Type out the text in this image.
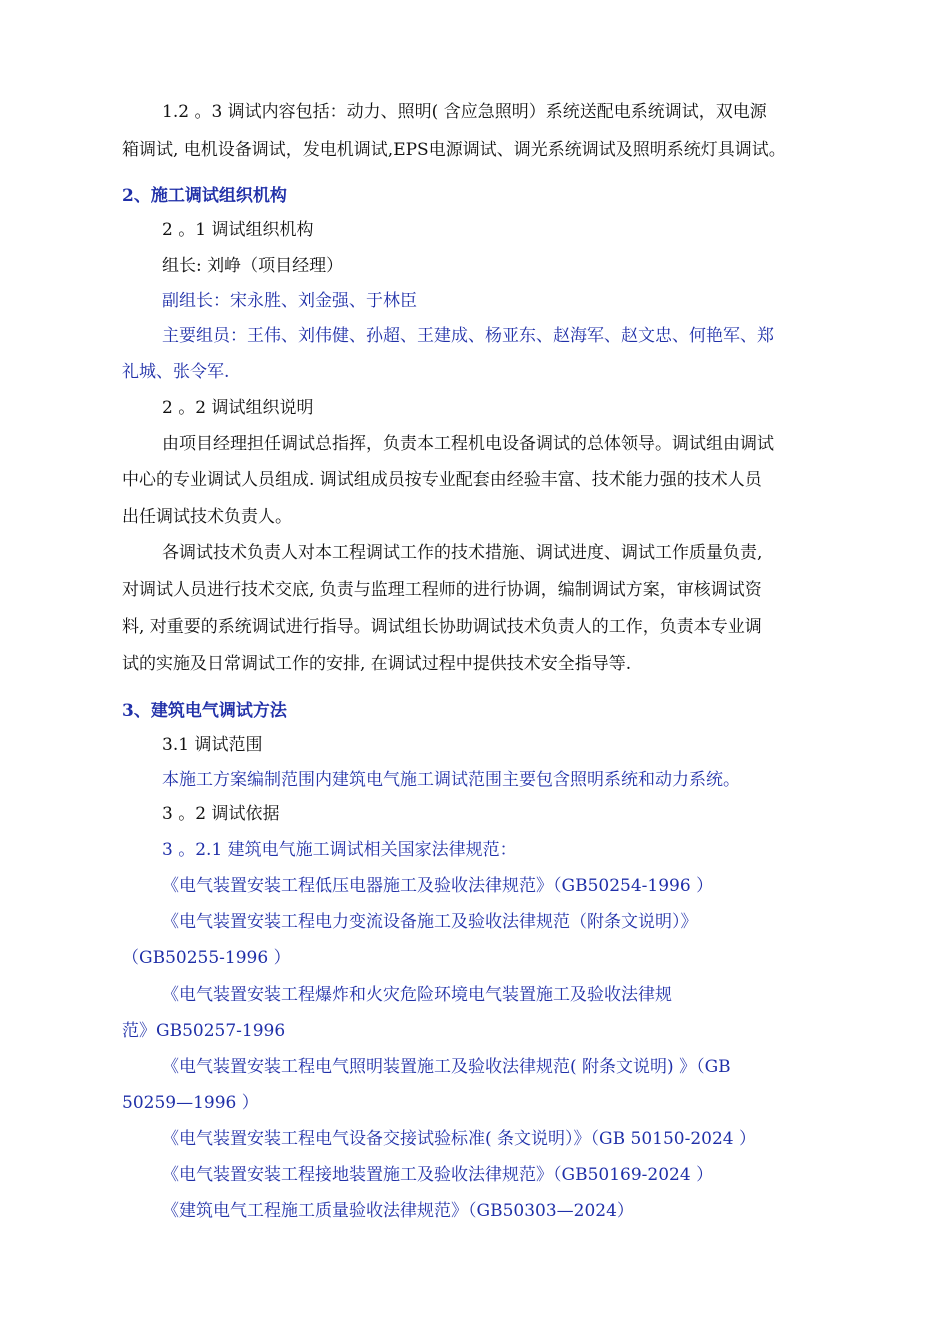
1.2 。3 调试内容包括：动力、照明( 含应急照明）系统送配电系统调试，双电源
箱调试, 电机设备调试，发电机调试,EPS电源调试、调光系统调试及照明系统灯具调试。
2、施工调试组织机构
2 。1 调试组织机构
组长: 刘峥（项目经理）
副组长：宋永胜、刘金强、于林臣
主要组员：王伟、刘伟健、孙超、王建成、杨亚东、赵海军、赵文忠、何艳军、郑
礼城、张令军.
2 。2 调试组织说明
由项目经理担任调试总指挥，负责本工程机电设备调试的总体领导。调试组由调试
中心的专业调试人员组成. 调试组成员按专业配套由经验丰富、技术能力强的技术人员
出任调试技术负责人。
各调试技术负责人对本工程调试工作的技术措施、调试进度、调试工作质量负责,
对调试人员进行技术交底, 负责与监理工程师的进行协调，编制调试方案，审核调试资
料, 对重要的系统调试进行指导。调试组长协助调试技术负责人的工作，负责本专业调
试的实施及日常调试工作的安排, 在调试过程中提供技术安全指导等.
3、建筑电气调试方法
3.1 调试范围
本施工方案编制范围内建筑电气施工调试范围主要包含照明系统和动力系统。
3 。2 调试依据
3 。2.1 建筑电气施工调试相关国家法律规范：
《电气装置安装工程低压电器施工及验收法律规范》（GB50254-1996 ）
《电气装置安装工程电力变流设备施工及验收法律规范（附条文说明）》
（GB50255-1996 ）
《电气装置安装工程爆炸和火灾危险环境电气装置施工及验收法律规
范》GB50257-1996
《电气装置安装工程电气照明装置施工及验收法律规范( 附条文说明) 》（GB
50259—1996 ）
《电气装置安装工程电气设备交接试验标准( 条文说明）》（GB 50150-2024 ）
《电气装置安装工程接地装置施工及验收法律规范》（GB50169-2024 ）
《建筑电气工程施工质量验收法律规范》（GB50303—2024）
